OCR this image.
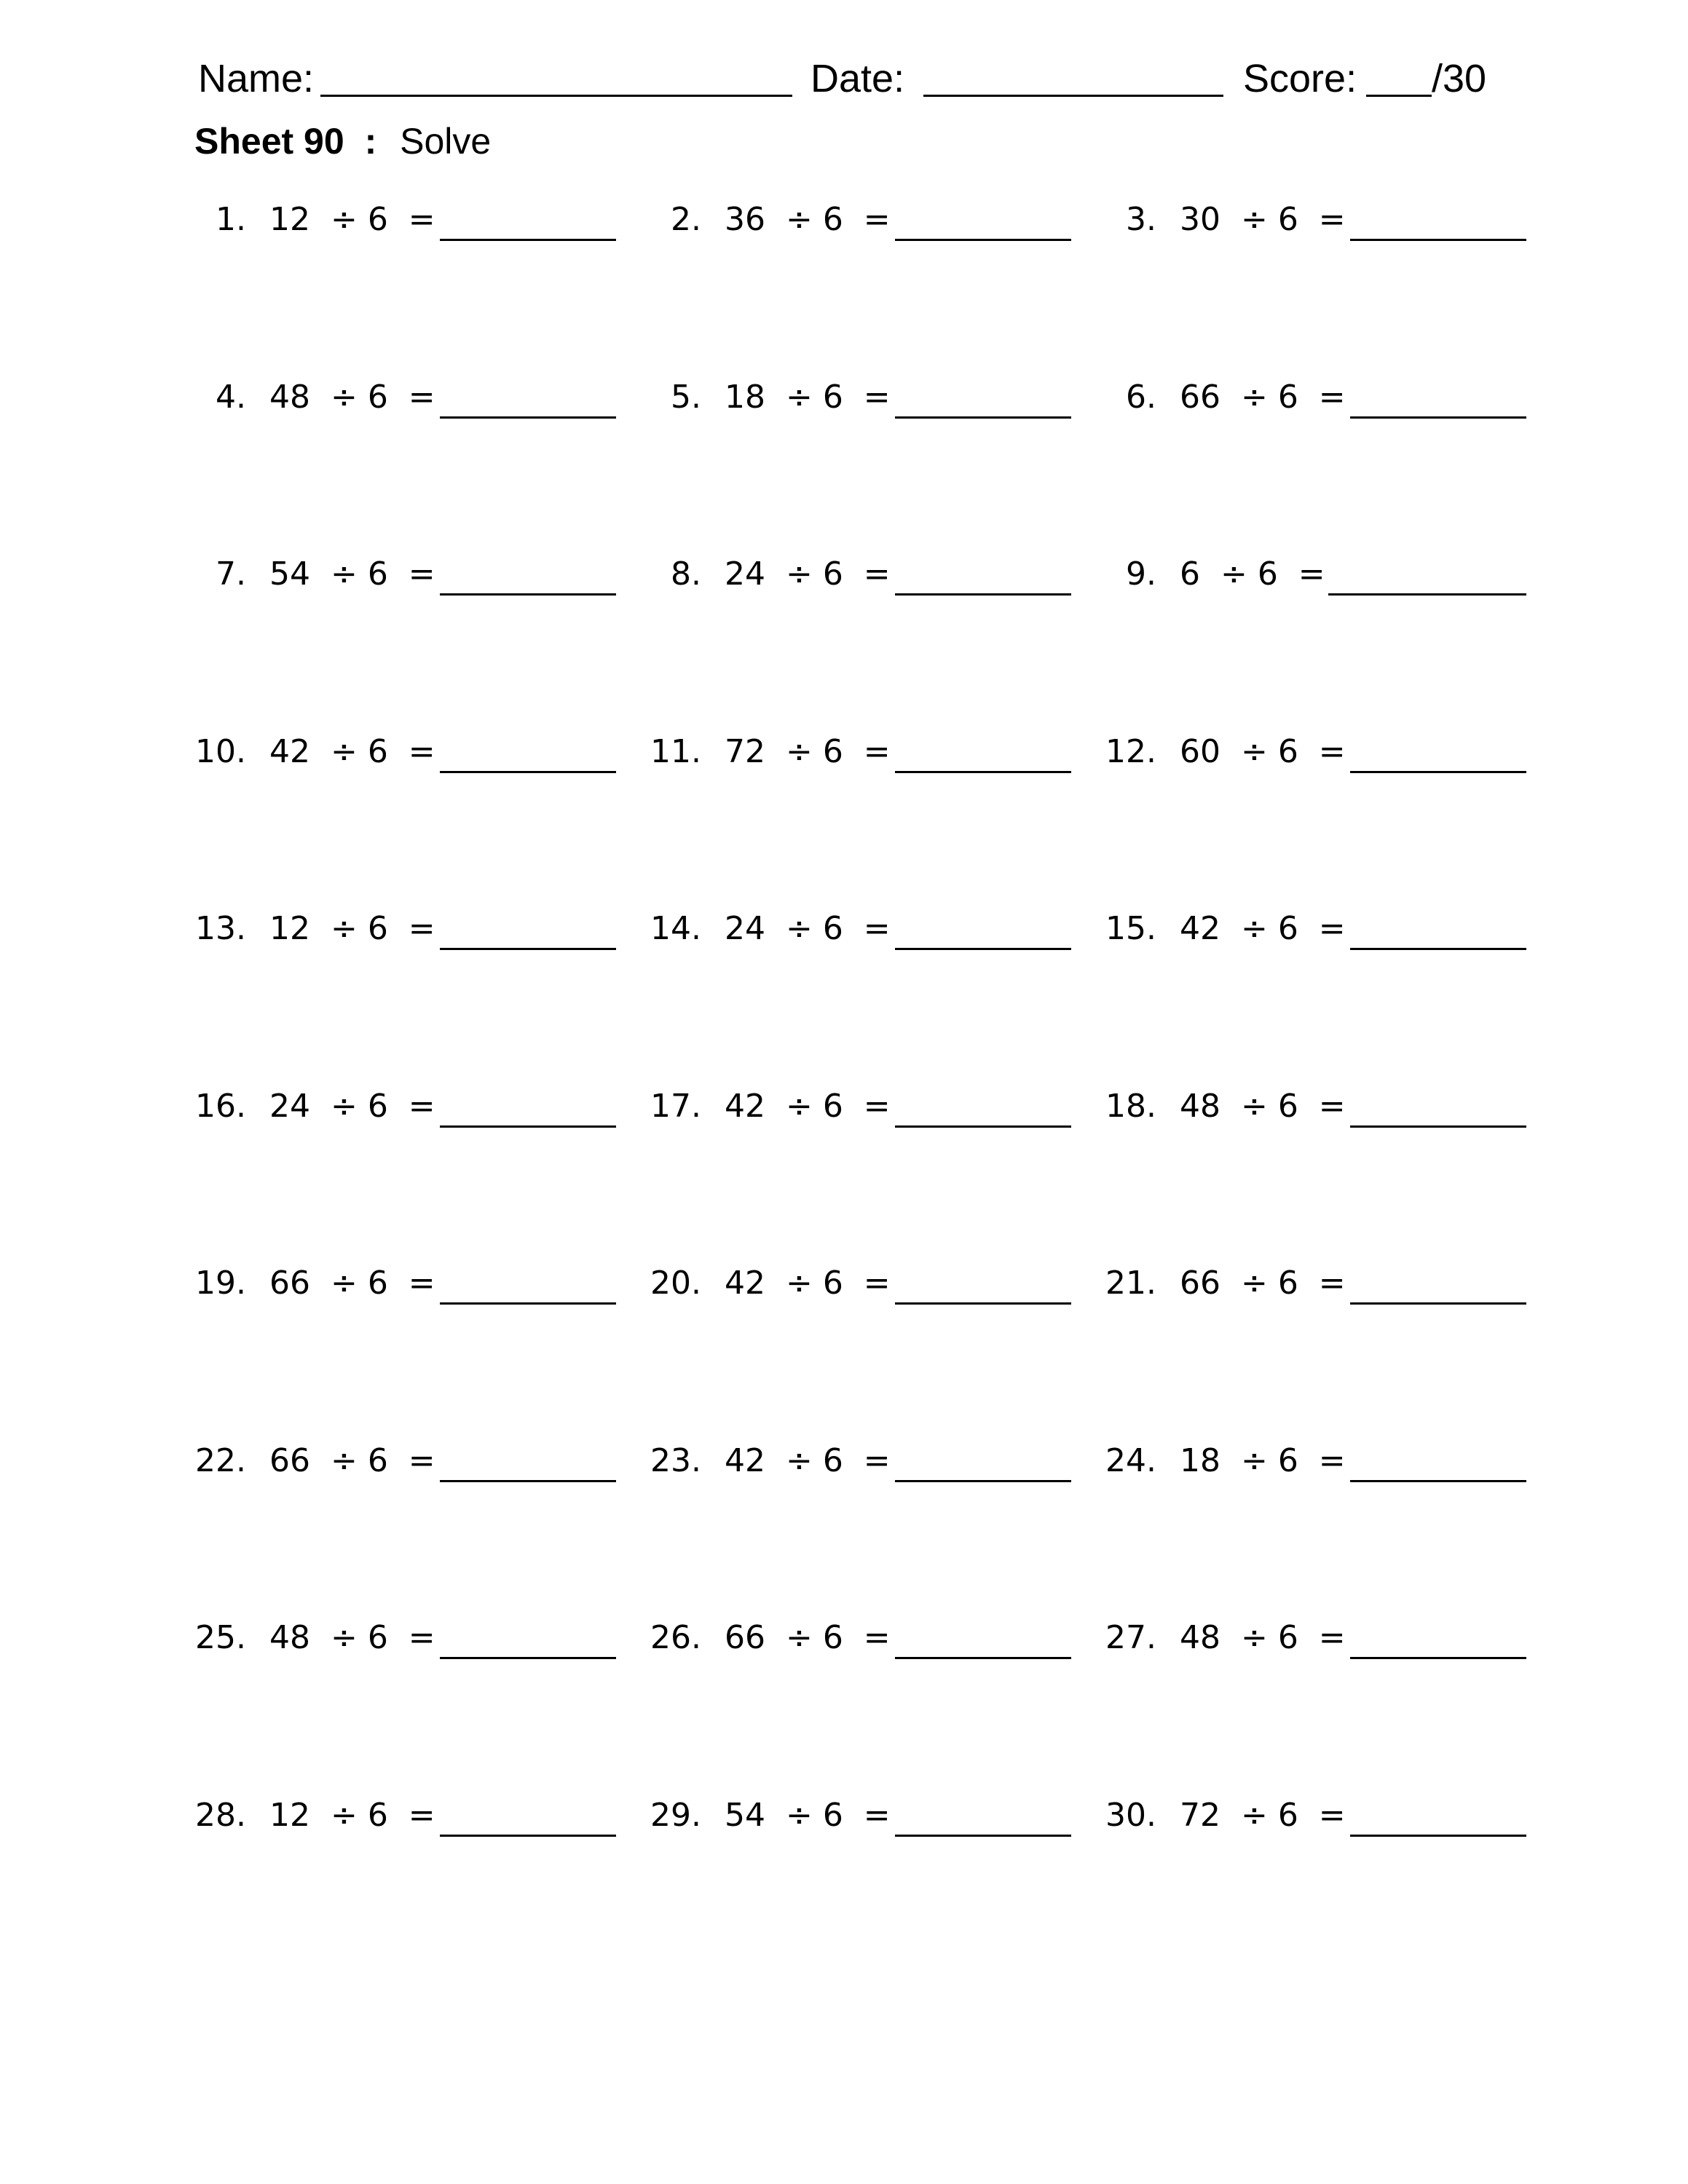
Name:	Date:	Score: /30
Sheet 90 : Solve
1. 12  ÷ 6  =	2. 36  ÷ 6  =	3. 30  ÷ 6  =
4. 48  ÷ 6  =	5. 18  ÷ 6  =	6. 66  ÷ 6  =
7. 54  ÷ 6  =	8. 24  ÷ 6  =	9. 6  ÷ 6  =
10. 42  ÷ 6  =	11. 72  ÷ 6  =	12. 60  ÷ 6  =
13. 12  ÷ 6  =	14. 24  ÷ 6  =	15. 42  ÷ 6  =
16. 24  ÷ 6  =	17. 42  ÷ 6  =	18. 48  ÷ 6  =
19. 66  ÷ 6  =	20. 42  ÷ 6  =	21. 66  ÷ 6  =
22. 66  ÷ 6  =	23. 42  ÷ 6  =	24. 18  ÷ 6  =
25. 48  ÷ 6  =	26. 66  ÷ 6  =	27. 48  ÷ 6  =
28. 12  ÷ 6  =	29. 54  ÷ 6  =	30. 72  ÷ 6  =
